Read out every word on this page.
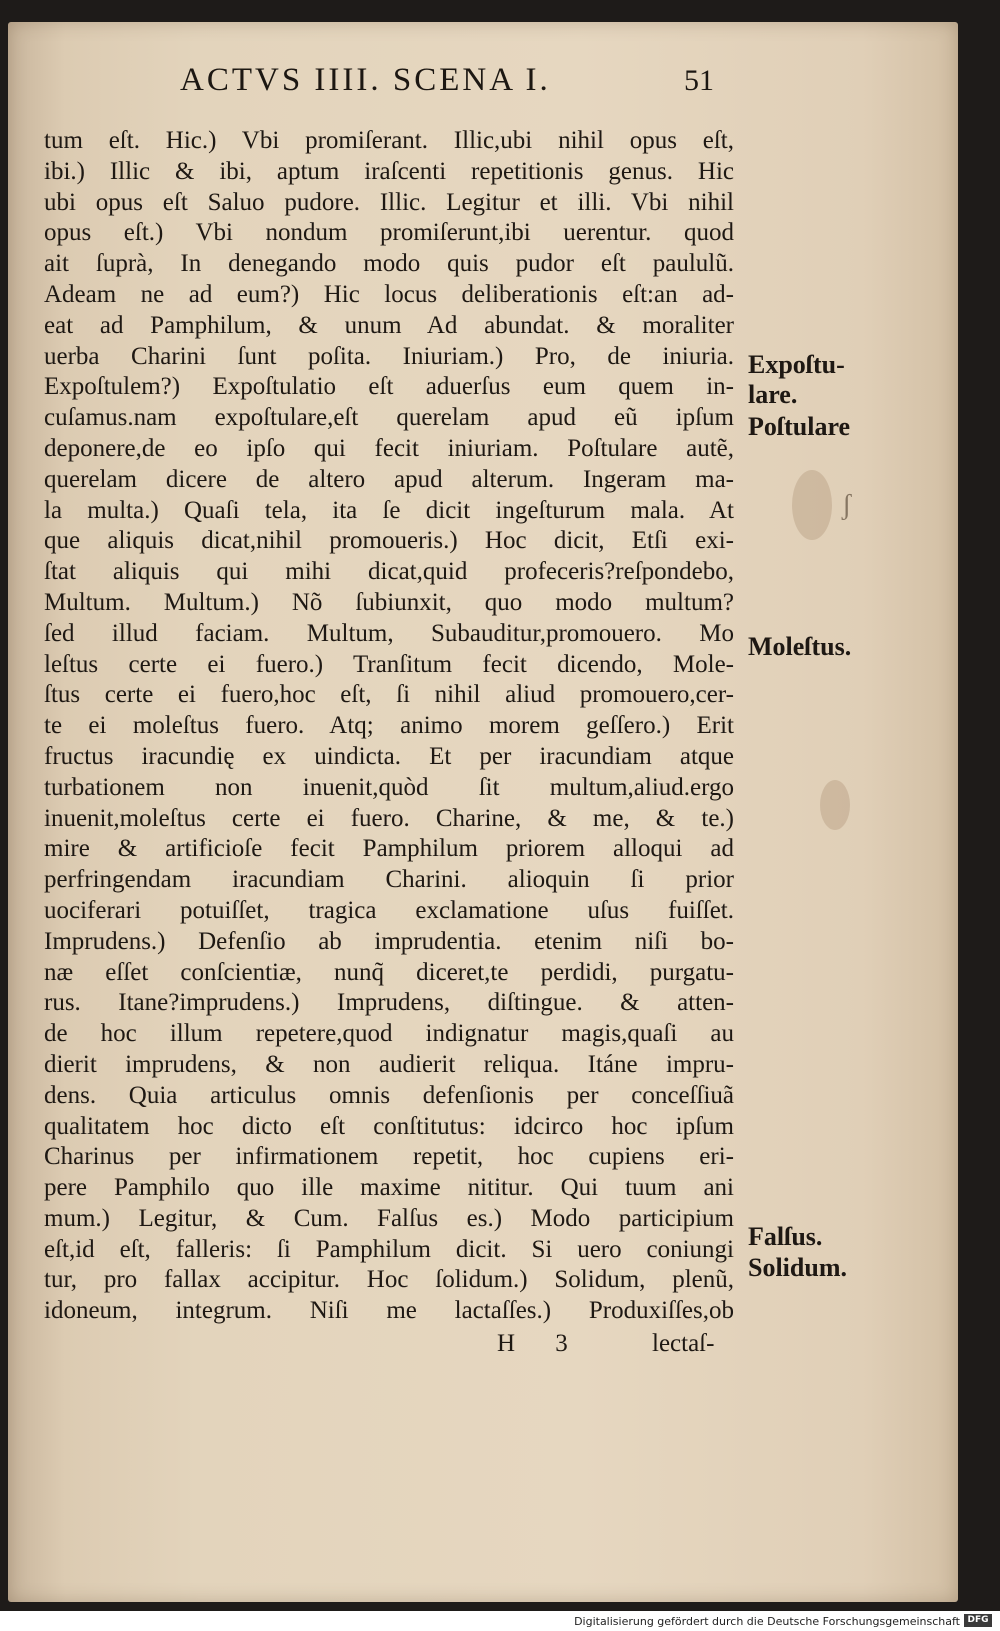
ʃ
ACTVS IIII. SCENA I.	51
tum eſt. Hic.) Vbi promiſerant. Illic,ubi nihil opus eſt,
ibi.) Illic & ibi, aptum iraſcenti repetitionis genus. Hic
ubi opus eſt Saluo pudore. Illic. Legitur et illi. Vbi nihil
opus eſt.) Vbi nondum promiſerunt,ibi uerentur. quod
ait ſuprà, In denegando modo quis pudor eſt paululũ.
Adeam ne ad eum?) Hic locus deliberationis eſt:an ad-
eat ad Pamphilum, & unum Ad abundat. & moraliter
uerba Charini ſunt poſita. Iniuriam.) Pro, de iniuria.
Expoſtulem?) Expoſtulatio eſt aduerſus eum quem in-
cuſamus.nam expoſtulare,eſt querelam apud eũ ipſum
deponere,de eo ipſo qui fecit iniuriam. Poſtulare autẽ,
querelam dicere de altero apud alterum. Ingeram ma-
la multa.) Quaſi tela, ita ſe dicit ingeſturum mala. At
que aliquis dicat,nihil promoueris.) Hoc dicit, Etſi exi-
ſtat aliquis qui mihi dicat,quid profeceris?reſpondebo,
Multum. Multum.) Nõ ſubiunxit, quo modo multum?
ſed illud faciam. Multum, Subauditur,promouero. Mo
leſtus certe ei fuero.) Tranſitum fecit dicendo, Mole-
ſtus certe ei fuero,hoc eſt, ſi nihil aliud promouero,cer-
te ei moleſtus fuero. Atq; animo morem geſſero.) Erit
fructus iracundię ex uindicta. Et per iracundiam atque
turbationem non inuenit,quòd ſit multum,aliud.ergo
inuenit,moleſtus certe ei fuero. Charine, & me, & te.)
mire & artificioſe fecit Pamphilum priorem alloqui ad
perfringendam iracundiam Charini. alioquin ſi prior
uociferari potuiſſet, tragica exclamatione uſus fuiſſet.
Imprudens.) Defenſio ab imprudentia. etenim niſi bo-
næ eſſet conſcientiæ, nunq̃ diceret,te perdidi, purgatu-
rus. Itane?imprudens.) Imprudens, diſtingue. & atten-
de hoc illum repetere,quod indignatur magis,quaſi au
dierit imprudens, & non audierit reliqua. Itáne impru-
dens. Quia articulus omnis defenſionis per conceſſiuã
qualitatem hoc dicto eſt conſtitutus: idcirco hoc ipſum
Charinus per infirmationem repetit, hoc cupiens eri-
pere Pamphilo quo ille maxime nititur. Qui tuum ani
mum.) Legitur, & Cum. Falſus es.) Modo participium
eſt,id eſt, falleris: ſi Pamphilum dicit. Si uero coniungi
tur, pro fallax accipitur. Hoc ſolidum.) Solidum, plenũ,
idoneum, integrum. Niſi me lactaſſes.) Produxiſſes,ob
Expoſtu-
lare.
Poſtulare
Moleſtus.
Falſus.
Solidum.
H 3	lectaſ-
Digitalisierung gefördert durch die Deutsche Forschungsgemeinschaft DFG
